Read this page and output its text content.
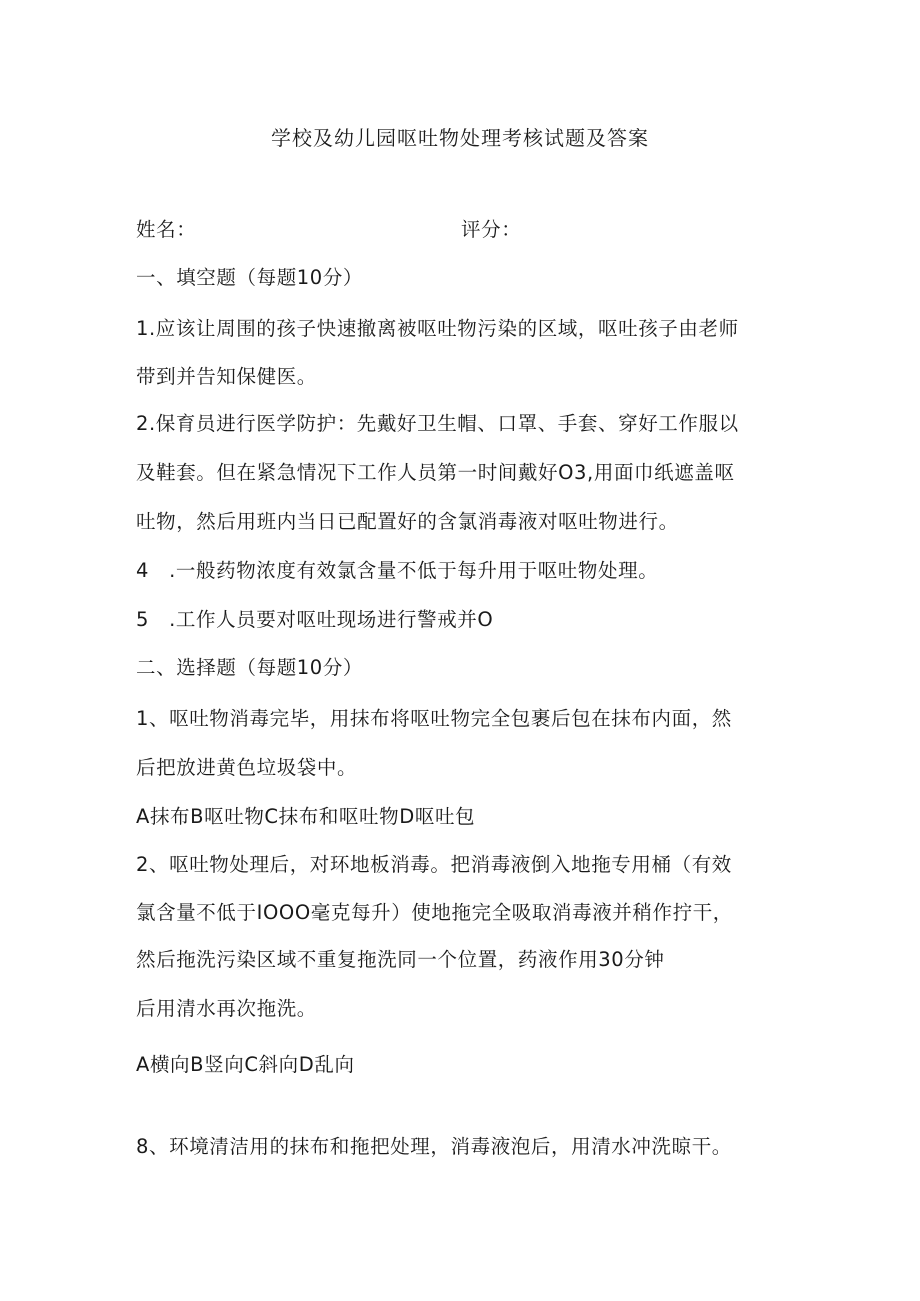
学校及幼儿园呕吐物处理考核试题及答案
姓名：	评分：
一、填空题（每题10分）
1.应该让周围的孩子快速撤离被呕吐物污染的区域，呕吐孩子由老师
带到并告知保健医。
2.保育员进行医学防护：先戴好卫生帽、口罩、手套、穿好工作服以
及鞋套。但在紧急情况下工作人员第一时间戴好O3,用面巾纸遮盖呕
吐物，然后用班内当日已配置好的含氯消毒液对呕吐物进行。
4　.一般药物浓度有效氯含量不低于每升用于呕吐物处理。
5　.工作人员要对呕吐现场进行警戒并O
二、选择题（每题10分）
1、呕吐物消毒完毕，用抹布将呕吐物完全包裹后包在抹布内面，然
后把放进黄色垃圾袋中。
A抹布B呕吐物C抹布和呕吐物D呕吐包
2、呕吐物处理后，对环地板消毒。把消毒液倒入地拖专用桶（有效
氯含量不低于IOOO毫克每升）使地拖完全吸取消毒液并稍作拧干，
然后拖洗污染区域不重复拖洗同一个位置，药液作用30分钟
后用清水再次拖洗。
A横向B竖向C斜向D乱向
8、环境清洁用的抹布和拖把处理，消毒液泡后，用清水冲洗晾干。
